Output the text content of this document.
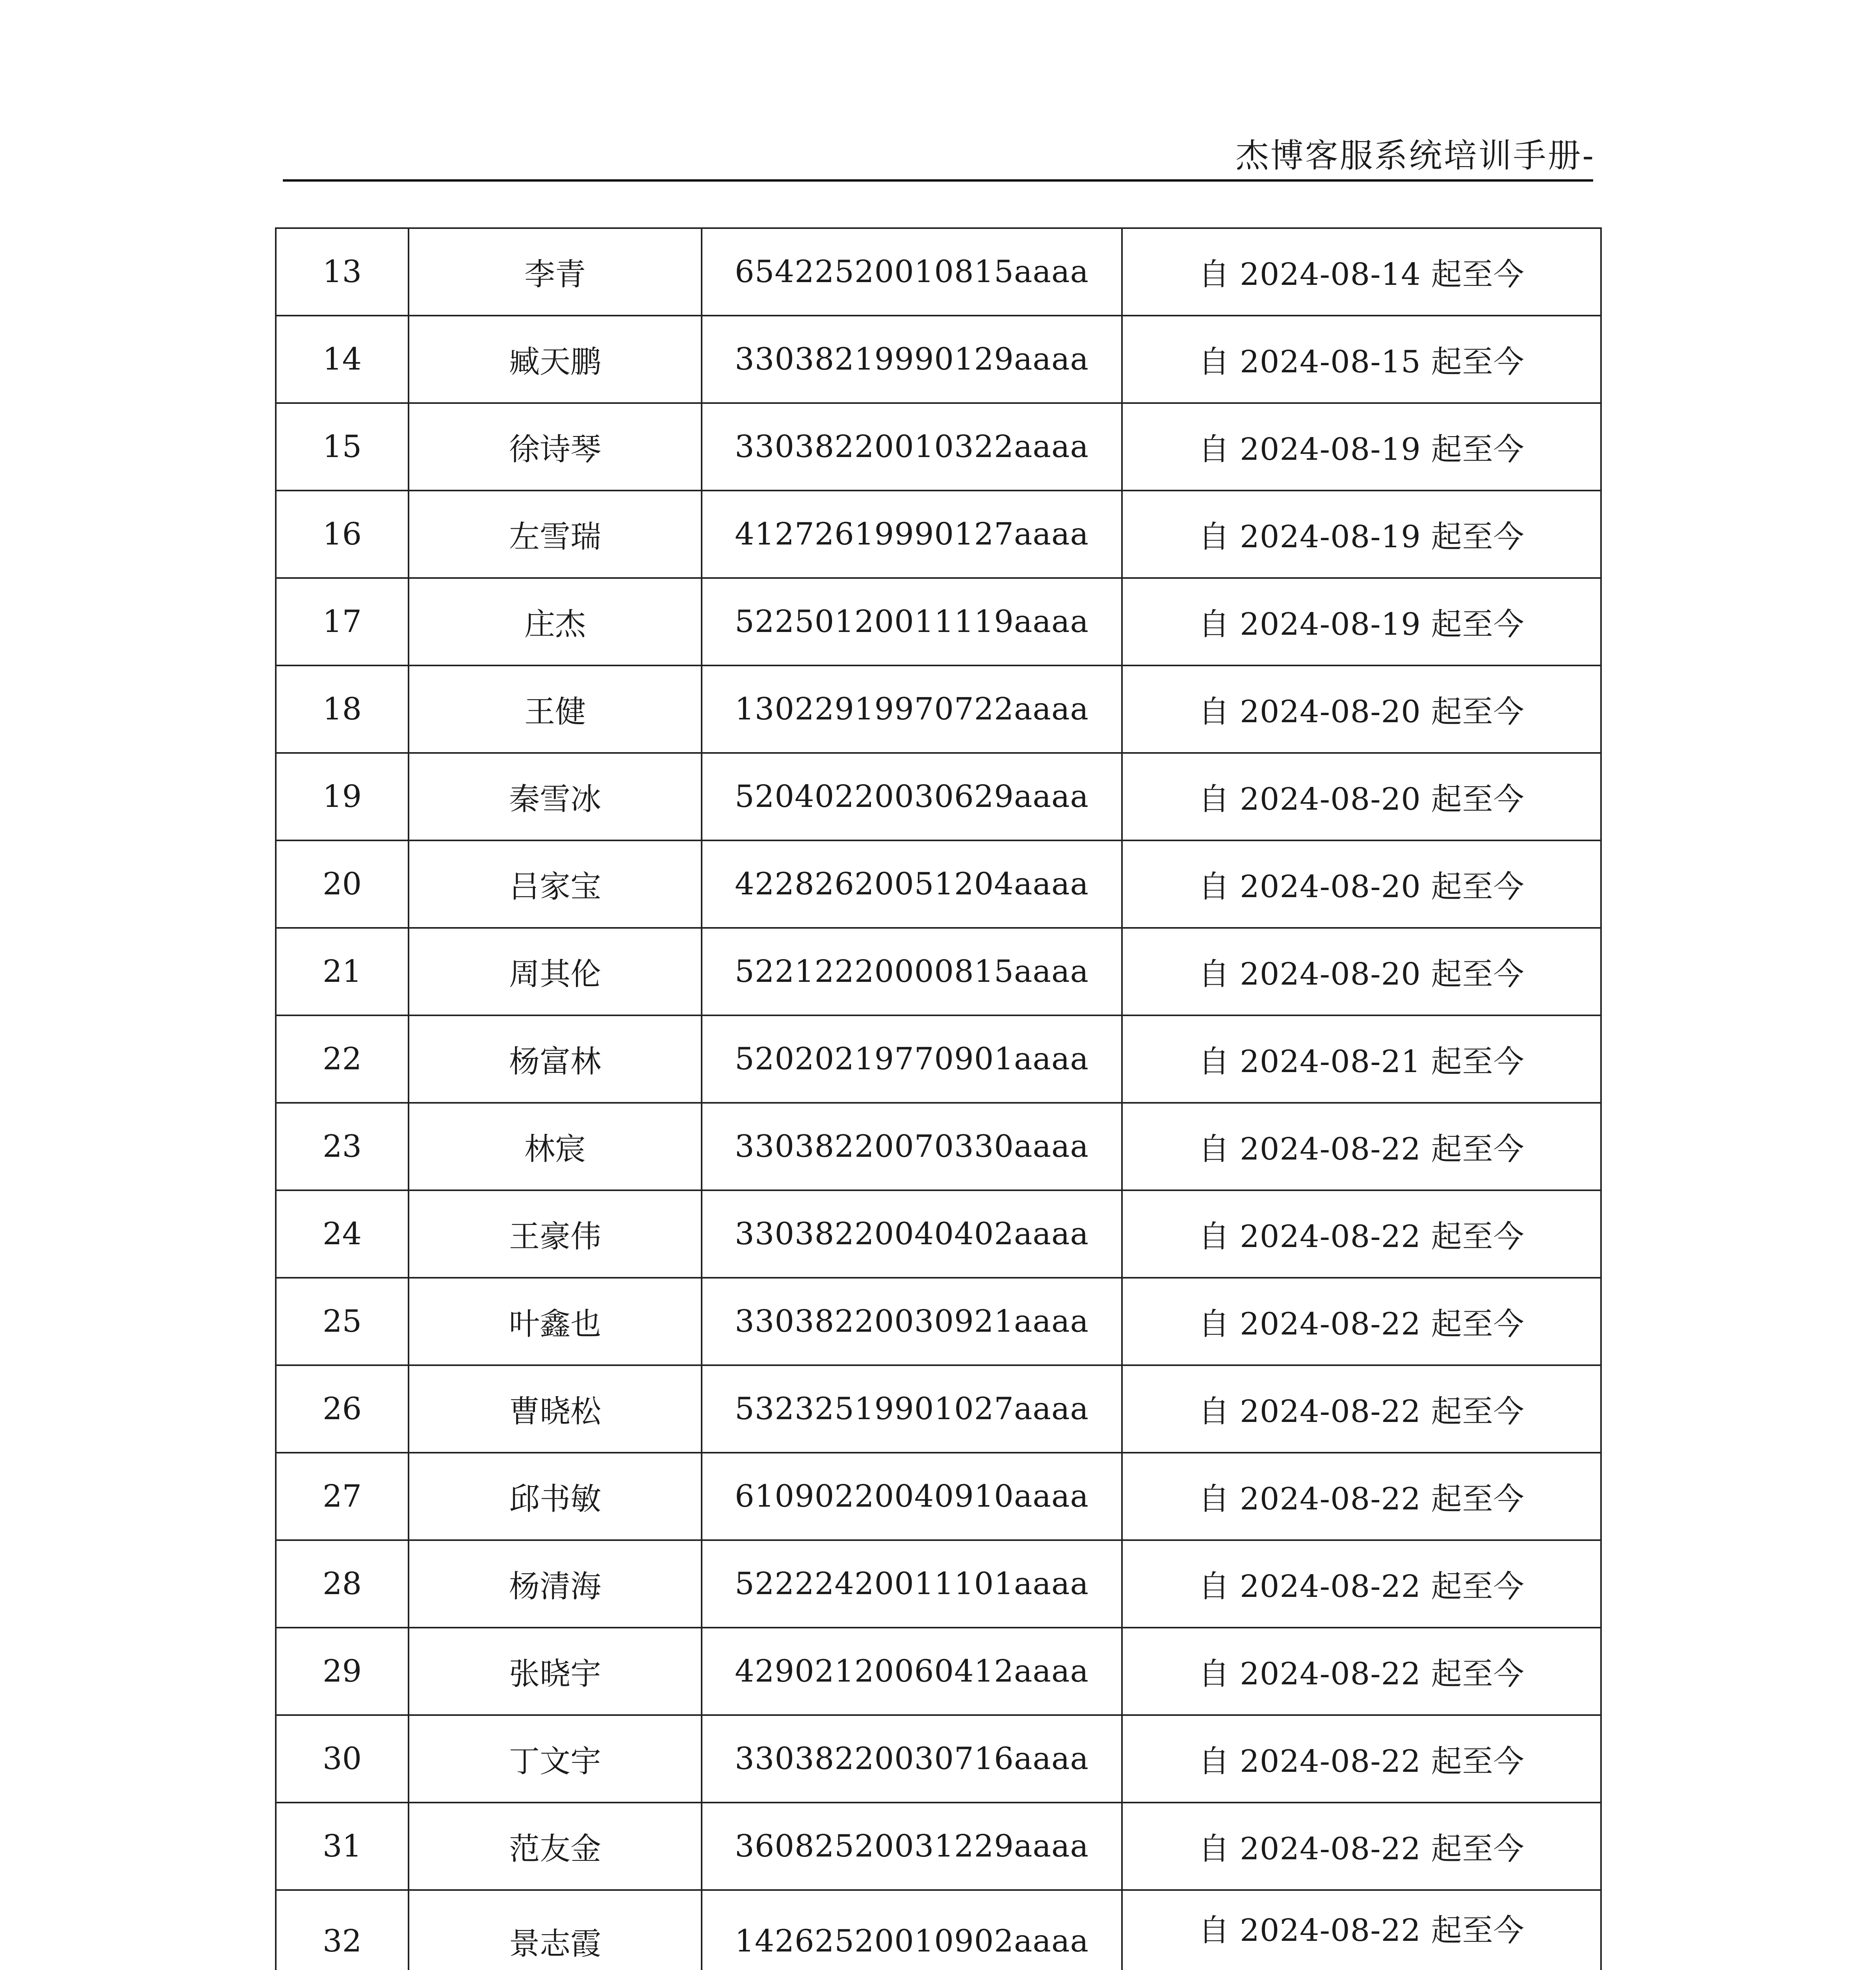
杰博客服系统培训手册-
13	李青	65422520010815aaaa	自 2024-08-14 起至今
14	臧天鹏	33038219990129aaaa	自 2024-08-15 起至今
15	徐诗琴	33038220010322aaaa	自 2024-08-19 起至今
16	左雪瑞	41272619990127aaaa	自 2024-08-19 起至今
17	庄杰	52250120011119aaaa	自 2024-08-19 起至今
18	王健	13022919970722aaaa	自 2024-08-20 起至今
19	秦雪冰	52040220030629aaaa	自 2024-08-20 起至今
20	吕家宝	42282620051204aaaa	自 2024-08-20 起至今
21	周其伦	52212220000815aaaa	自 2024-08-20 起至今
22	杨富林	52020219770901aaaa	自 2024-08-21 起至今
23	林宸	33038220070330aaaa	自 2024-08-22 起至今
24	王豪伟	33038220040402aaaa	自 2024-08-22 起至今
25	叶鑫也	33038220030921aaaa	自 2024-08-22 起至今
26	曹晓松	53232519901027aaaa	自 2024-08-22 起至今
27	邱书敏	61090220040910aaaa	自 2024-08-22 起至今
28	杨清海	52222420011101aaaa	自 2024-08-22 起至今
29	张晓宇	42902120060412aaaa	自 2024-08-22 起至今
30	丁文宇	33038220030716aaaa	自 2024-08-22 起至今
31	范友金	36082520031229aaaa	自 2024-08-22 起至今
32	景志霞	14262520010902aaaa	自 2024-08-22 起至今
